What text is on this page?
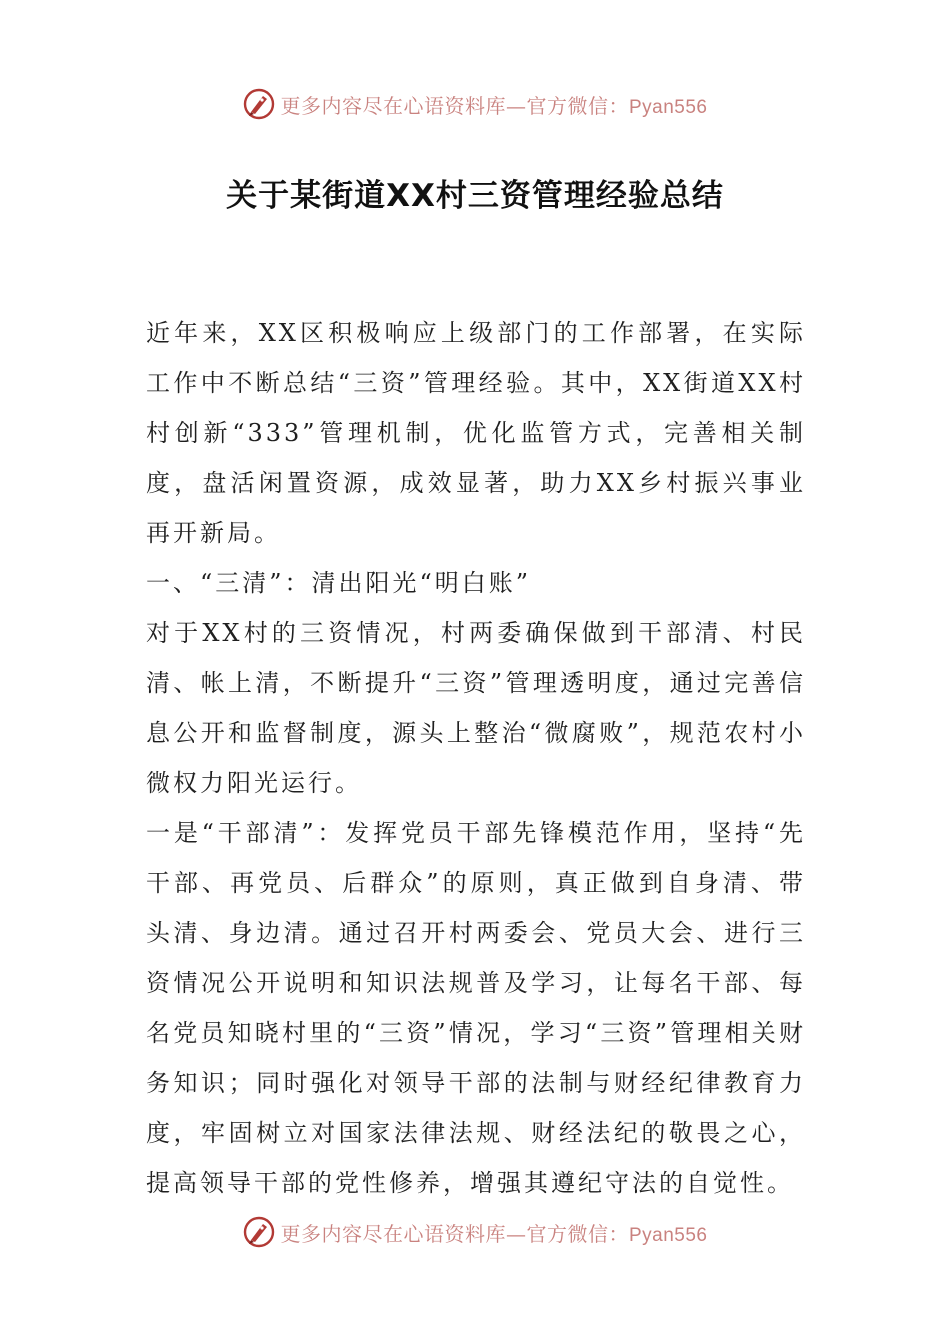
更多内容尽在心语资料库—官方微信：Pyan556
关于某街道XX村三资管理经验总结

近年来，XX区积极响应上级部门的工作部署，在实际工作中不断总结“三资”管理经验。其中，XX街道XX村村创新“333”管理机制，优化监管方式，完善相关制度，盘活闲置资源，成效显著，助力XX乡村振兴事业再开新局。

一、“三清”：清出阳光“明白账”

对于XX村的三资情况，村两委确保做到干部清、村民清、帐上清，不断提升“三资”管理透明度，通过完善信息公开和监督制度，源头上整治“微腐败”，规范农村小微权力阳光运行。

一是“干部清”：发挥党员干部先锋模范作用，坚持“先干部、再党员、后群众”的原则，真正做到自身清、带头清、身边清。通过召开村两委会、党员大会、进行三资情况公开说明和知识法规普及学习，让每名干部、每名党员知晓村里的“三资”情况，学习“三资”管理相关财务知识；同时强化对领导干部的法制与财经纪律教育力度，牢固树立对国家法律法规、财经法纪的敬畏之心，提高领导干部的党性修养，增强其遵纪守法的自觉性。

更多内容尽在心语资料库—官方微信：Pyan556
